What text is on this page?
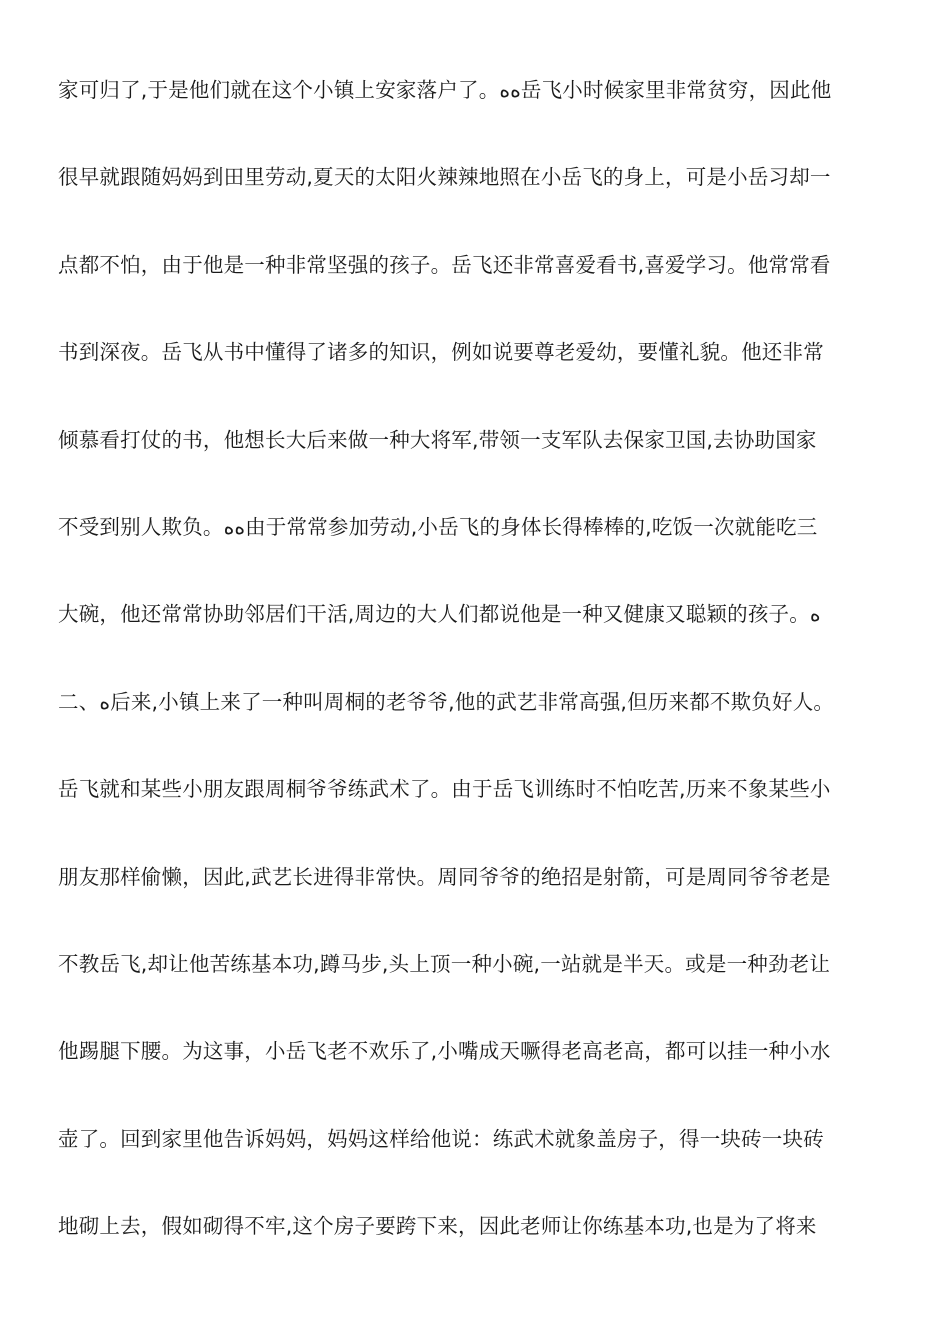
家可归了,于是他们就在这个小镇上安家落户了。ﻩﻩ岳飞小时候家里非常贫穷，因此他
很早就跟随妈妈到田里劳动,夏天的太阳火辣辣地照在小岳飞的身上，可是小岳习却一
点都不怕，由于他是一种非常坚强的孩子。岳飞还非常喜爱看书,喜爱学习。他常常看
书到深夜。岳飞从书中懂得了诸多的知识，例如说要尊老爱幼，要懂礼貌。他还非常
倾慕看打仗的书，他想长大后来做一种大将军,带领一支军队去保家卫国,去协助国家
不受到别人欺负。ﻩﻩ由于常常参加劳动,小岳飞的身体长得棒棒的,吃饭一次就能吃三
大碗，他还常常协助邻居们干活,周边的大人们都说他是一种又健康又聪颖的孩子。ﻩ
二、ﻩ后来,小镇上来了一种叫周桐的老爷爷,他的武艺非常高强,但历来都不欺负好人。
岳飞就和某些小朋友跟周桐爷爷练武术了。由于岳飞训练时不怕吃苦,历来不象某些小
朋友那样偷懒，因此,武艺长进得非常快。周同爷爷的绝招是射箭，可是周同爷爷老是
不教岳飞,却让他苦练基本功,蹲马步,头上顶一种小碗,一站就是半天。或是一种劲老让
他踢腿下腰。为这事，小岳飞老不欢乐了,小嘴成天噘得老高老高，都可以挂一种小水
壶了。回到家里他告诉妈妈，妈妈这样给他说：练武术就象盖房子，得一块砖一块砖
地砌上去，假如砌得不牢,这个房子要跨下来，因此老师让你练基本功,也是为了将来
